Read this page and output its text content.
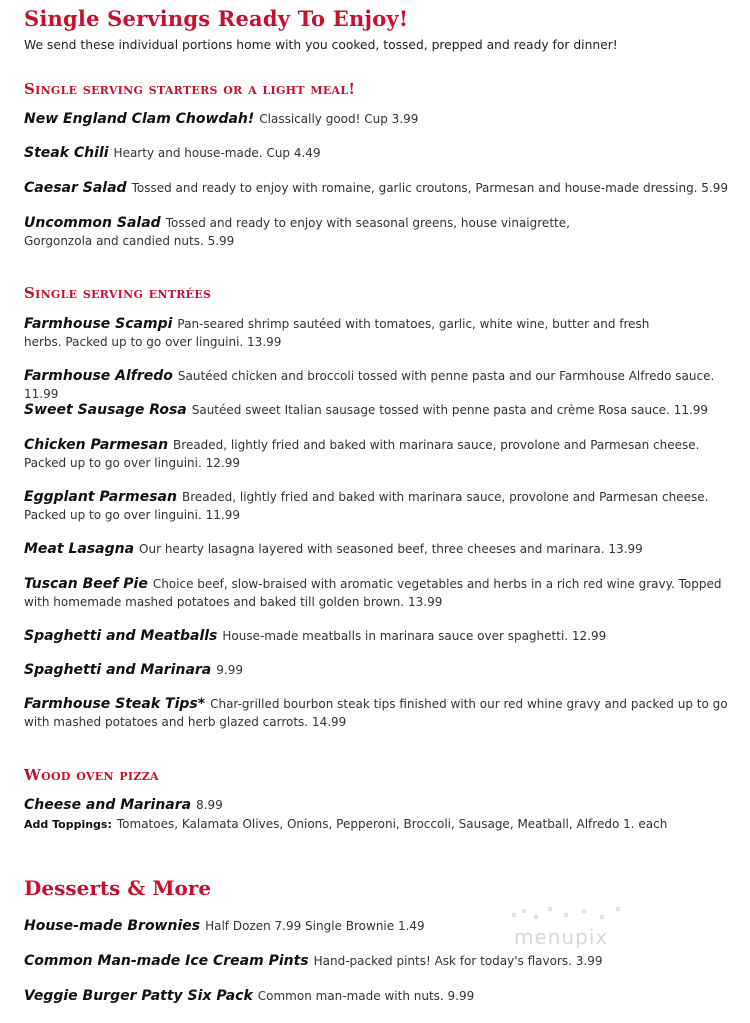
Single Servings Ready To Enjoy!
We send these individual portions home with you cooked, tossed, prepped and ready for dinner!
Single serving starters or a light meal!
New England Clam Chowdah! Classically good! Cup 3.99
Steak Chili Hearty and house-made. Cup 4.49
Caesar Salad Tossed and ready to enjoy with romaine, garlic croutons, Parmesan and house-made dressing. 5.99
Uncommon Salad Tossed and ready to enjoy with seasonal greens, house vinaigrette, Gorgonzola and candied nuts. 5.99
Single serving entrées
Farmhouse Scampi Pan-seared shrimp sautéed with tomatoes, garlic, white wine, butter and fresh herbs. Packed up to go over linguini. 13.99
Farmhouse Alfredo Sautéed chicken and broccoli tossed with penne pasta and our Farmhouse Alfredo sauce. 11.99
Sweet Sausage Rosa Sautéed sweet Italian sausage tossed with penne pasta and crème Rosa sauce. 11.99
Chicken Parmesan Breaded, lightly fried and baked with marinara sauce, provolone and Parmesan cheese. Packed up to go over linguini. 12.99
Eggplant Parmesan Breaded, lightly fried and baked with marinara sauce, provolone and Parmesan cheese. Packed up to go over linguini. 11.99
Meat Lasagna Our hearty lasagna layered with seasoned beef, three cheeses and marinara. 13.99
Tuscan Beef Pie Choice beef, slow-braised with aromatic vegetables and herbs in a rich red wine gravy. Topped with homemade mashed potatoes and baked till golden brown. 13.99
Spaghetti and Meatballs House-made meatballs in marinara sauce over spaghetti. 12.99
Spaghetti and Marinara 9.99
Farmhouse Steak Tips* Char-grilled bourbon steak tips finished with our red whine gravy and packed up to go with mashed potatoes and herb glazed carrots. 14.99
Wood oven pizza
Cheese and Marinara 8.99
Add Toppings: Tomatoes, Kalamata Olives, Onions, Pepperoni, Broccoli, Sausage, Meatball, Alfredo 1. each
Desserts & More
House-made Brownies Half Dozen 7.99 Single Brownie 1.49
Common Man-made Ice Cream Pints Hand-packed pints! Ask for today's flavors. 3.99
Veggie Burger Patty Six Pack Common man-made with nuts. 9.99
menupix
